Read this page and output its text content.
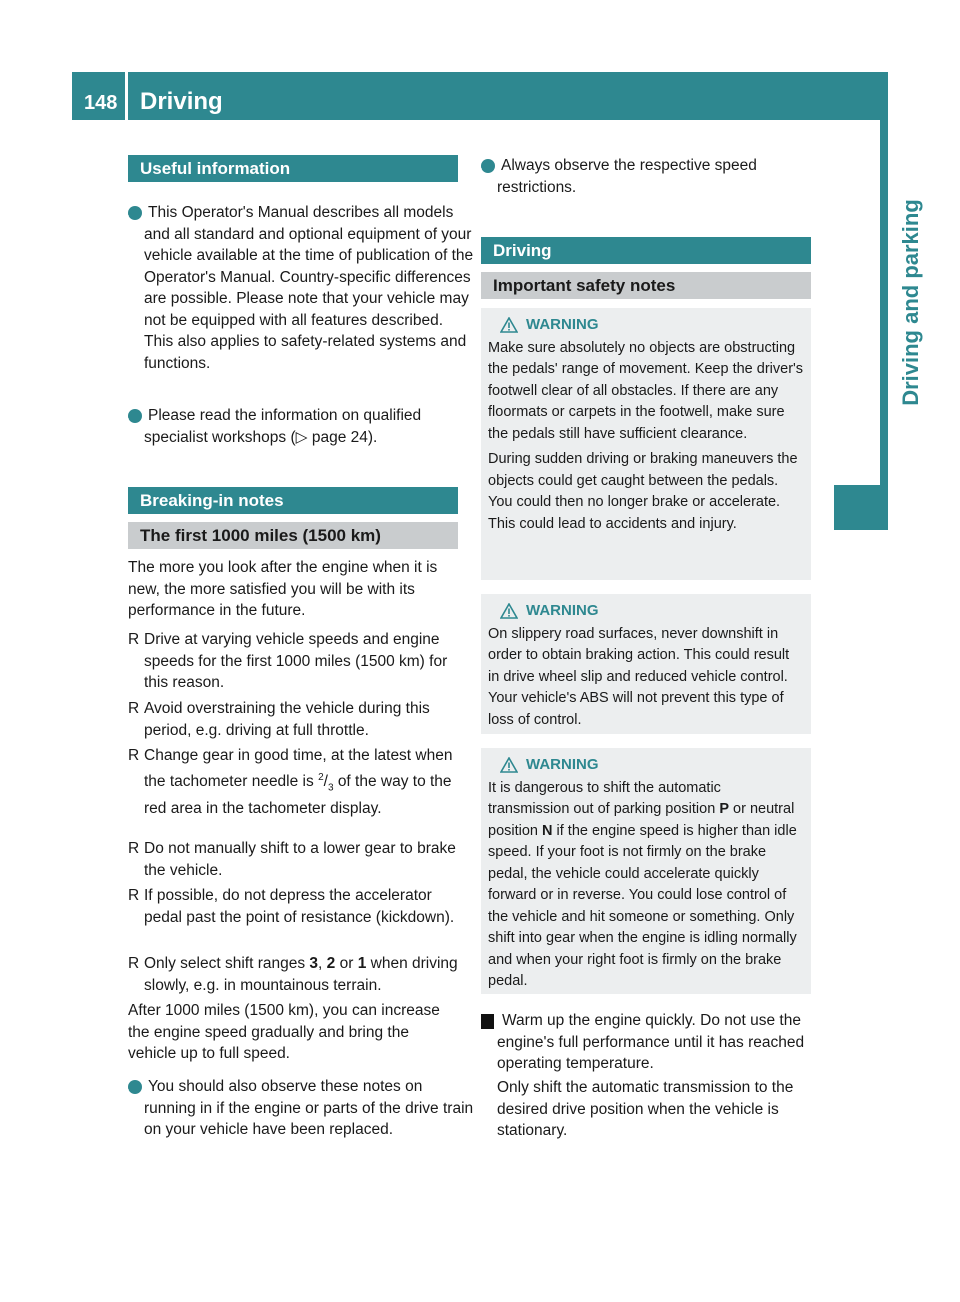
148 Driving
Driving and parking
Useful information
i This Operator's Manual describes all models and all standard and optional equipment of your vehicle available at the time of publication of the Operator's Manual. Country-specific differences are possible. Please note that your vehicle may not be equipped with all features described. This also applies to safety-related systems and functions.
i Please read the information on qualified specialist workshops (▷ page 24).
Breaking-in notes
The first 1000 miles (1500 km)
The more you look after the engine when it is new, the more satisfied you will be with its performance in the future.
R Drive at varying vehicle speeds and engine speeds for the first 1000 miles (1500 km) for this reason.
R Avoid overstraining the vehicle during this period, e.g. driving at full throttle.
R Change gear in good time, at the latest when the tachometer needle is $^2/_3$ of the way to the red area in the tachometer display.
R Do not manually shift to a lower gear to brake the vehicle.
R If possible, do not depress the accelerator pedal past the point of resistance (kickdown).
R Only select shift ranges 3, 2 or 1 when driving slowly, e.g. in mountainous terrain.
After 1000 miles (1500 km), you can increase the engine speed gradually and bring the vehicle up to full speed.
i You should also observe these notes on running in if the engine or parts of the drive train on your vehicle have been replaced.
i Always observe the respective speed restrictions.
Driving
Important safety notes
WARNING

Make sure absolutely no objects are obstructing the pedals' range of movement. Keep the driver's footwell clear of all obstacles. If there are any floormats or carpets in the footwell, make sure the pedals still have sufficient clearance.

During sudden driving or braking maneuvers the objects could get caught between the pedals. You could then no longer brake or accelerate. This could lead to accidents and injury.

WARNING

On slippery road surfaces, never downshift in order to obtain braking action. This could result in drive wheel slip and reduced vehicle control. Your vehicle's ABS will not prevent this type of loss of control.

WARNING

It is dangerous to shift the automatic transmission out of parking position P or neutral position N if the engine speed is higher than idle speed. If your foot is not firmly on the brake pedal, the vehicle could accelerate quickly forward or in reverse. You could lose control of the vehicle and hit someone or something. Only shift into gear when the engine is idling normally and when your right foot is firmly on the brake pedal.

! Warm up the engine quickly. Do not use the engine's full performance until it has reached operating temperature.
Only shift the automatic transmission to the desired drive position when the vehicle is stationary.
